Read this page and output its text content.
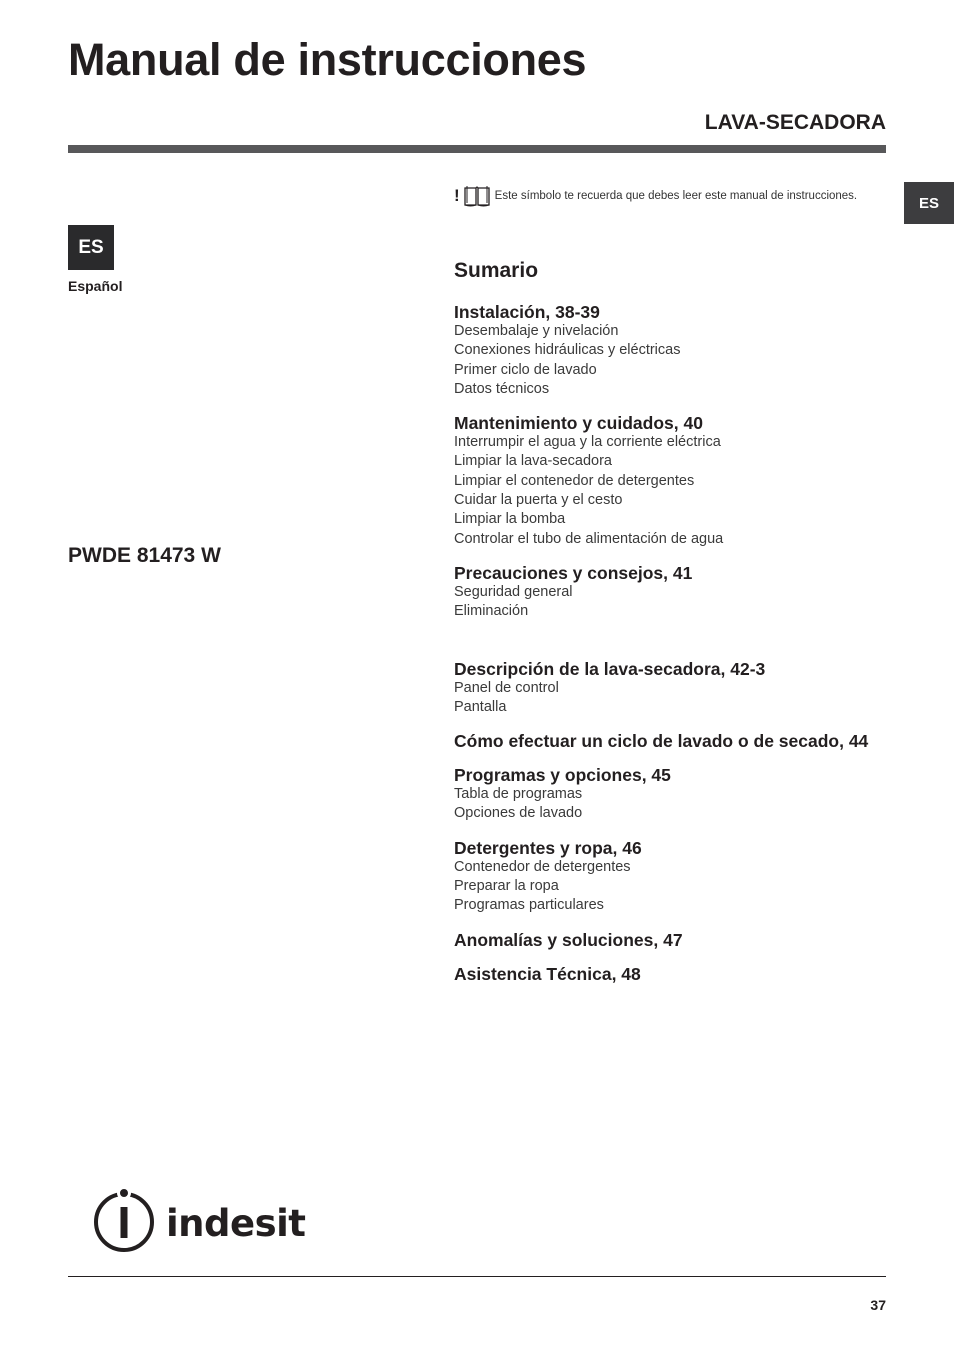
Manual de instrucciones
LAVA-SECADORA
ES
ES
Español
PWDE 81473 W
!	Este símbolo te recuerda que debes leer este manual de instrucciones.
Sumario
Instalación, 38-39
Desembalaje y nivelación
Conexiones hidráulicas y eléctricas
Primer ciclo de lavado
Datos técnicos
Mantenimiento y cuidados, 40
Interrumpir el agua y la corriente eléctrica
Limpiar la lava-secadora
Limpiar el contenedor de detergentes
Cuidar la puerta y el cesto
Limpiar la bomba
Controlar el tubo de alimentación de agua
Precauciones y consejos, 41
Seguridad general
Eliminación
Descripción de la lava-secadora, 42-3
Panel de control
Pantalla
Cómo efectuar un ciclo de lavado o de secado, 44
Programas y opciones, 45
Tabla de programas
Opciones de lavado
Detergentes y ropa, 46
Contenedor de detergentes
Preparar la ropa
Programas particulares
Anomalías y soluciones, 47
Asistencia Técnica, 48
indesit
37
